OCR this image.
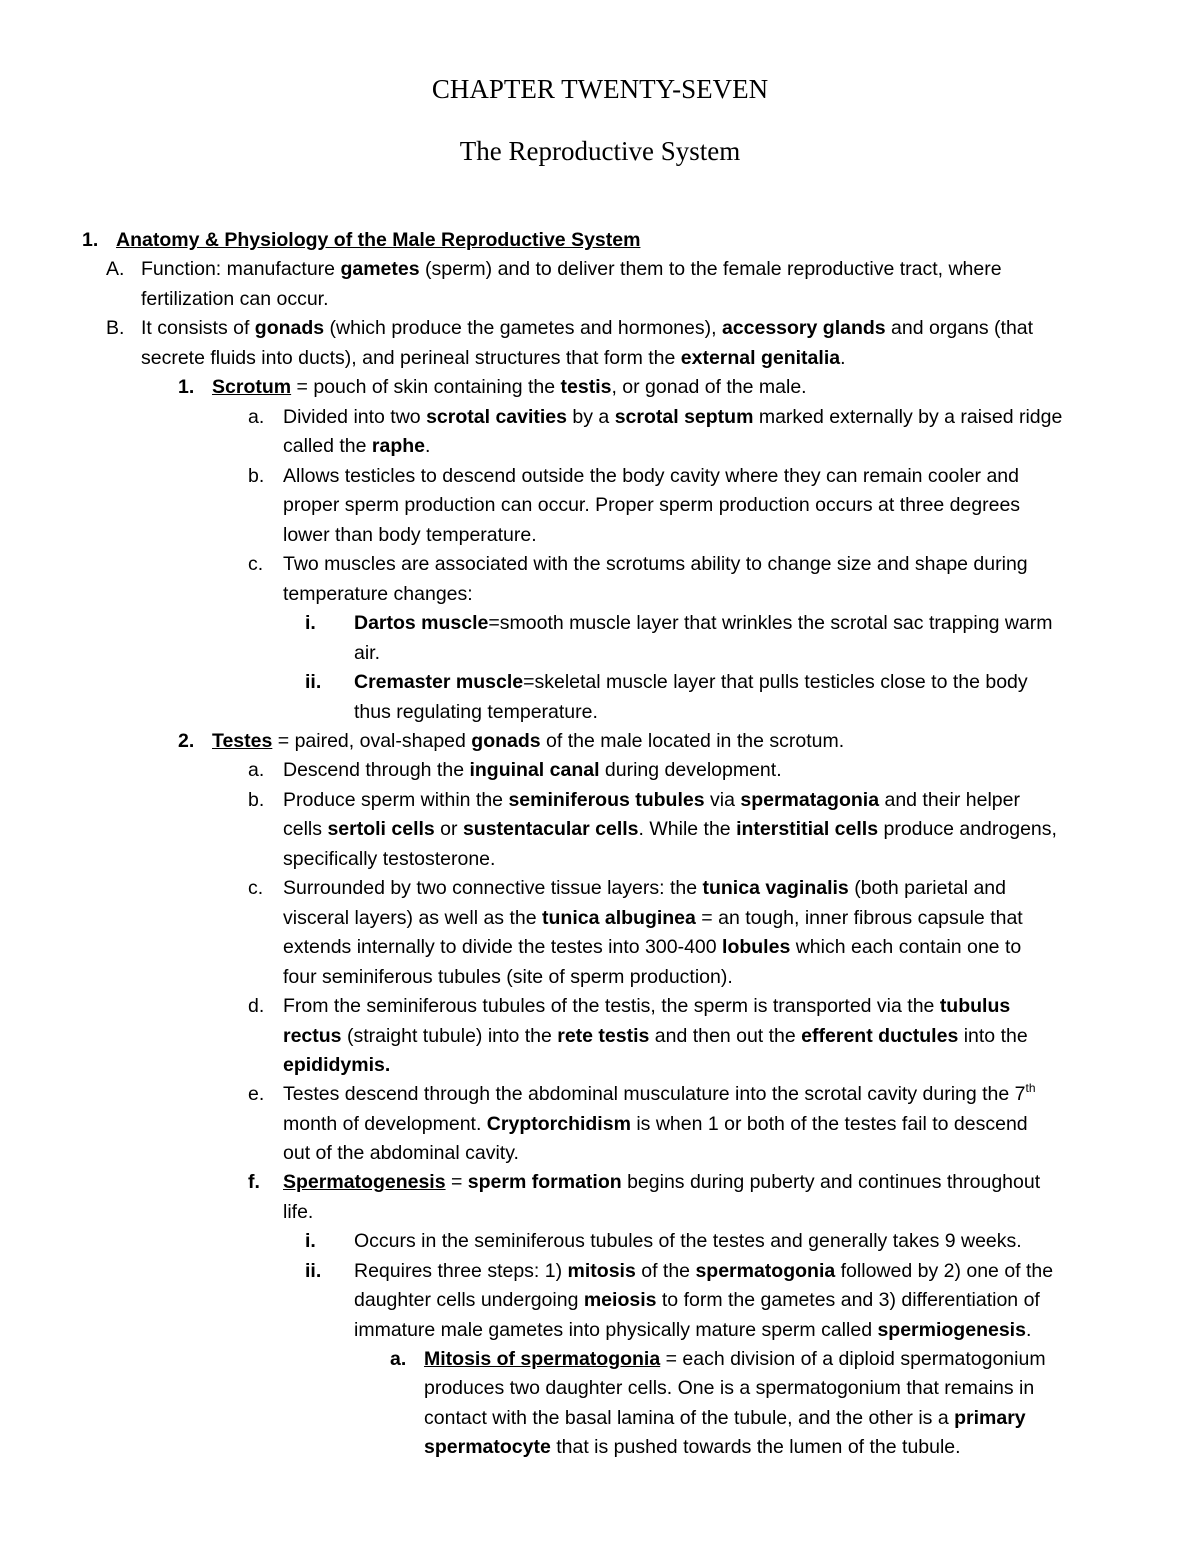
CHAPTER TWENTY-SEVEN
The Reproductive System
1.
A.
B.
1.
a.
b.
c.
i.
ii.
2.
a.
b.
c.
d.
e.
f.
i.
ii.
a.
Anatomy & Physiology of the Male Reproductive System
Function: manufacture gametes (sperm) and to deliver them to the female reproductive tract, where
fertilization can occur.
It consists of gonads (which produce the gametes and hormones), accessory glands and organs (that
secrete fluids into ducts), and perineal structures that form the external genitalia.
Scrotum = pouch of skin containing the testis, or gonad of the male.
Divided into two scrotal cavities by a scrotal septum marked externally by a raised ridge
called the raphe.
Allows testicles to descend outside the body cavity where they can remain cooler and
proper sperm production can occur. Proper sperm production occurs at three degrees
lower than body temperature.
Two muscles are associated with the scrotums ability to change size and shape during
temperature changes:
Dartos muscle=smooth muscle layer that wrinkles the scrotal sac trapping warm
air.
Cremaster muscle=skeletal muscle layer that pulls testicles close to the body
thus regulating temperature.
Testes = paired, oval-shaped gonads of the male located in the scrotum.
Descend through the inguinal canal during development.
Produce sperm within the seminiferous tubules via spermatagonia and their helper
cells sertoli cells or sustentacular cells. While the interstitial cells produce androgens,
specifically testosterone.
Surrounded by two connective tissue layers: the tunica vaginalis (both parietal and
visceral layers) as well as the tunica albuginea = an tough, inner fibrous capsule that
extends internally to divide the testes into 300-400 lobules which each contain one to
four seminiferous tubules (site of sperm production).
From the seminiferous tubules of the testis, the sperm is transported via the tubulus
rectus (straight tubule) into the rete testis and then out the efferent ductules into the
epididymis.
Testes descend through the abdominal musculature into the scrotal cavity during the 7th
month of development. Cryptorchidism is when 1 or both of the testes fail to descend
out of the abdominal cavity.
Spermatogenesis = sperm formation begins during puberty and continues throughout
life.
Occurs in the seminiferous tubules of the testes and generally takes 9 weeks.
Requires three steps: 1) mitosis of the spermatogonia followed by 2) one of the
daughter cells undergoing meiosis to form the gametes and 3) differentiation of
immature male gametes into physically mature sperm called spermiogenesis.
Mitosis of spermatogonia = each division of a diploid spermatogonium
produces two daughter cells. One is a spermatogonium that remains in
contact with the basal lamina of the tubule, and the other is a primary
spermatocyte that is pushed towards the lumen of the tubule.
